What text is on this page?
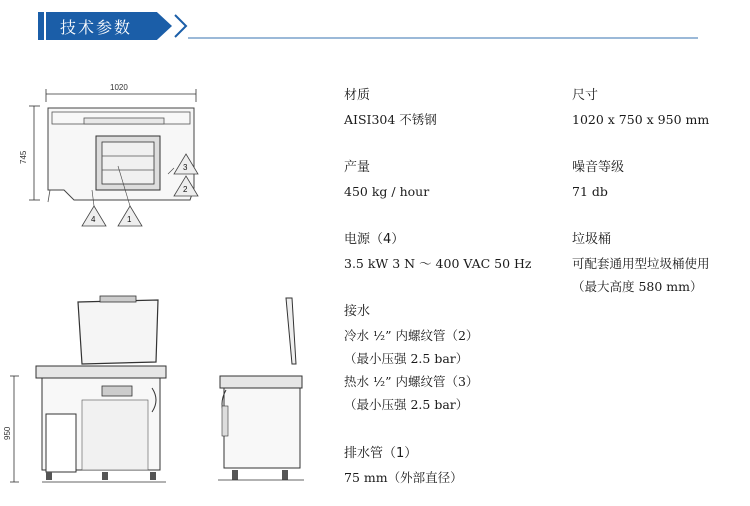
技术参数
1020
745
3
2
4	1
950
材质
AISI304 不锈钢
尺寸
1020 x 750 x 950 mm
产量
450 kg / hour
噪音等级
71 db
电源（4）
3.5 kW 3 N ～ 400 VAC 50 Hz
垃圾桶
可配套通用型垃圾桶使用
（最大高度 580 mm）
接水
冷水 ½” 内螺纹管（2）
（最小压强 2.5 bar）
热水 ½” 内螺纹管（3）
（最小压强 2.5 bar）
排水管（1）
75 mm（外部直径）
